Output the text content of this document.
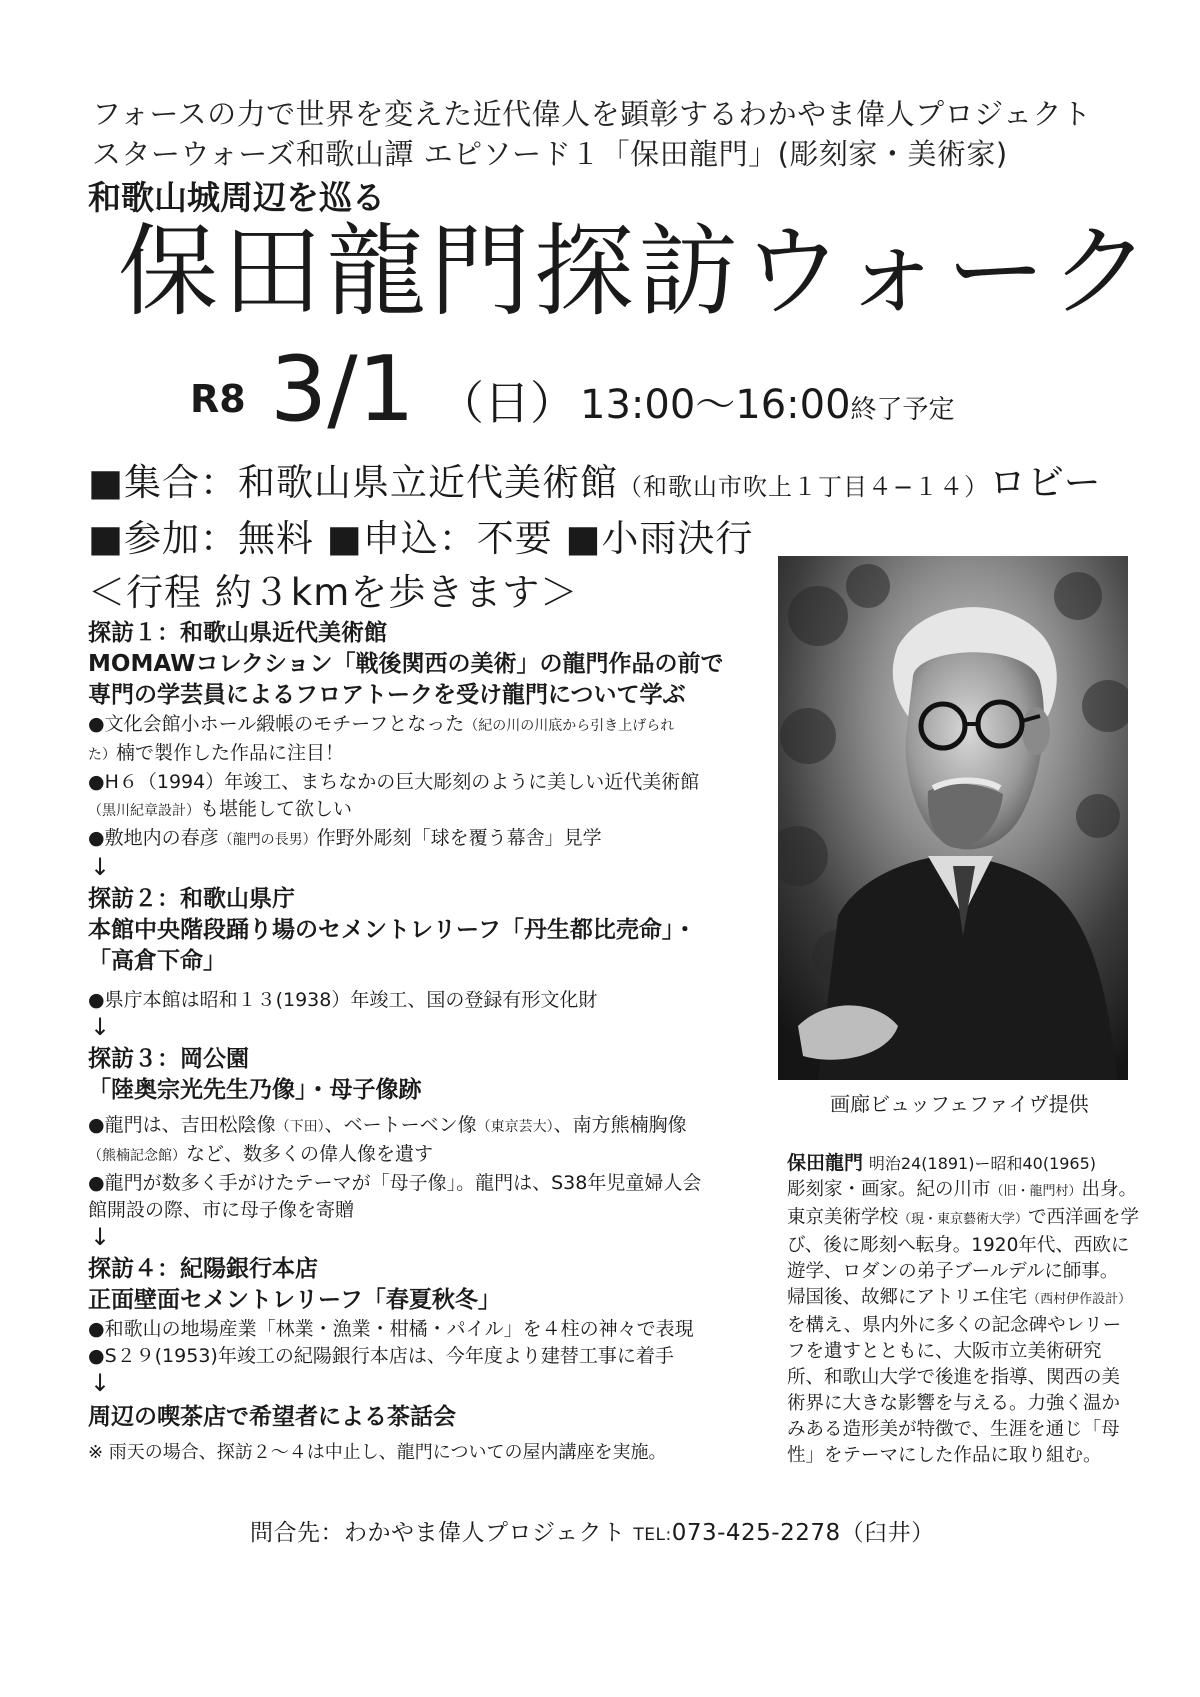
フォースの力で世界を変えた近代偉人を顕彰するわかやま偉人プロジェクト
スターウォーズ和歌山譚 エピソード１「保田龍門」(彫刻家・美術家)
和歌山城周辺を巡る
保田龍門探訪ウォーク
R8 3/1 （日） 13:00～16:00終了予定
■集合：和歌山県立近代美術館（和歌山市吹上１丁目４−１４）ロビー
■参加：無料 ■申込：不要 ■小雨決行
＜行程 約３kmを歩きます＞
探訪１：和歌山県近代美術館
MOMAWコレクション「戦後関西の美術」の龍門作品の前で
専門の学芸員によるフロアトークを受け龍門について学ぶ
●文化会館小ホール緞帳のモチーフとなった（紀の川の川底から引き上げられ
た）楠で製作した作品に注目！
●H６（1994）年竣工、まちなかの巨大彫刻のように美しい近代美術館
（黒川紀章設計）も堪能して欲しい
●敷地内の春彦（龍門の長男）作野外彫刻「球を覆う幕舎」見学
↓
探訪２：和歌山県庁
本館中央階段踊り場のセメントレリーフ「丹生都比売命」・
「高倉下命」
●県庁本館は昭和１３(1938）年竣工、国の登録有形文化財
↓
探訪３：岡公園
「陸奥宗光先生乃像」・母子像跡
●龍門は、吉田松陰像（下田）、ベートーベン像（東京芸大）、南方熊楠胸像
（熊楠記念館）など、数多くの偉人像を遺す
●龍門が数多く手がけたテーマが「母子像」。龍門は、S38年児童婦人会
館開設の際、市に母子像を寄贈
↓
探訪４：紀陽銀行本店
正面壁面セメントレリーフ「春夏秋冬」
●和歌山の地場産業「林業・漁業・柑橘・パイル」を４柱の神々で表現
●S２９(1953)年竣工の紀陽銀行本店は、今年度より建替工事に着手
↓
周辺の喫茶店で希望者による茶話会
※ 雨天の場合、探訪２～４は中止し、龍門についての屋内講座を実施。
画廊ビュッフェファイヴ提供
保田龍門 明治24(1891)ー昭和40(1965)
彫刻家・画家。紀の川市（旧・龍門村）出身。
東京美術学校（現・東京藝術大学）で西洋画を学
び、後に彫刻へ転身。1920年代、西欧に
遊学、ロダンの弟子ブールデルに師事。
帰国後、故郷にアトリエ住宅（西村伊作設計）
を構え、県内外に多くの記念碑やレリー
フを遺すとともに、大阪市立美術研究
所、和歌山大学で後進を指導、関西の美
術界に大きな影響を与える。力強く温か
みある造形美が特徴で、生涯を通じ「母
性」をテーマにした作品に取り組む。
問合先：わかやま偉人プロジェクト TEL:073-425-2278（臼井）
